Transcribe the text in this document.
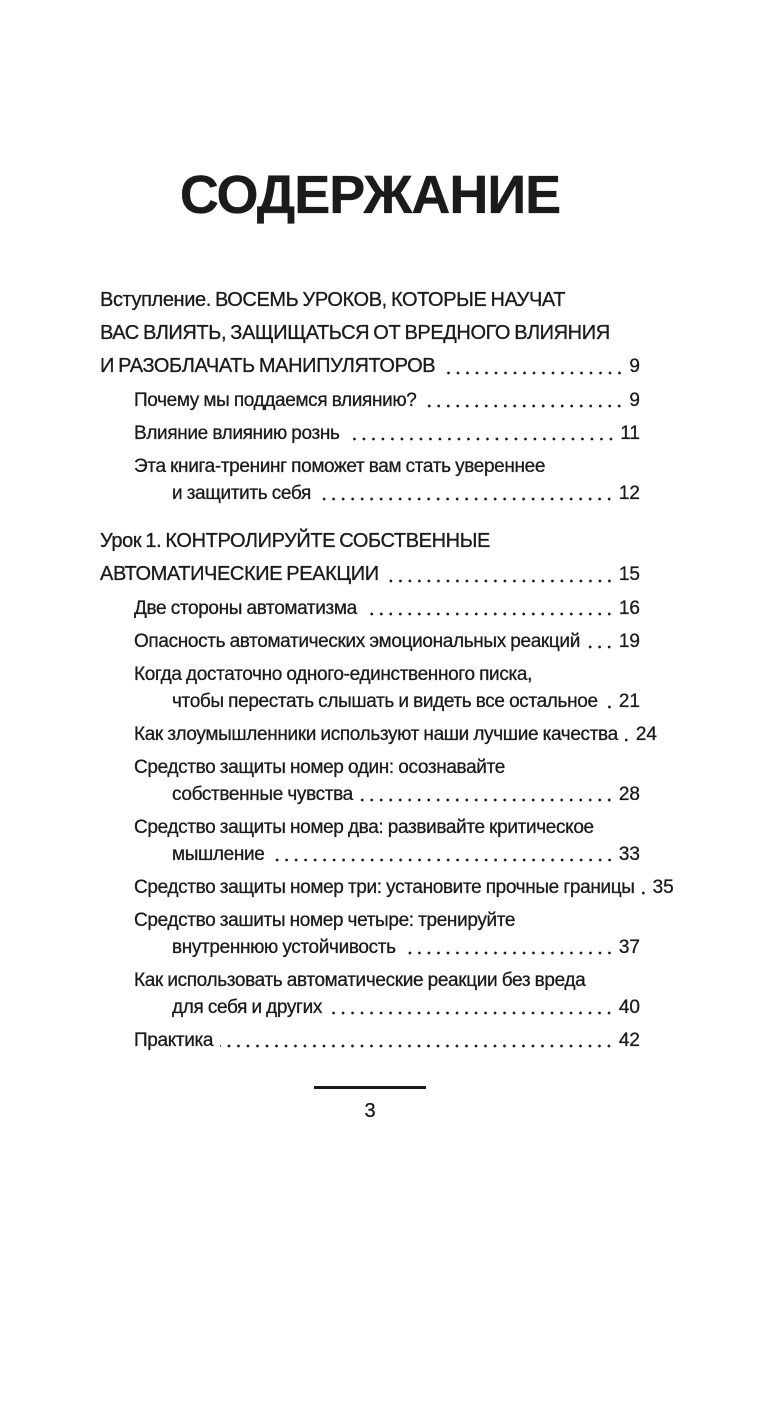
СОДЕРЖАНИЕ
Вступление. ВОСЕМЬ УРОКОВ, КОТОРЫЕ НАУЧАТ
ВАС ВЛИЯТЬ, ЗАЩИЩАТЬСЯ ОТ ВРЕДНОГО ВЛИЯНИЯ
И РАЗОБЛАЧАТЬ МАНИПУЛЯТОРОВ	9
Почему мы поддаемся влиянию?	9
Влияние влиянию рознь	11
Эта книга-тренинг поможет вам стать увереннее
и защитить себя	12
Урок 1. КОНТРОЛИРУЙТЕ СОБСТВЕННЫЕ
АВТОМАТИЧЕСКИЕ РЕАКЦИИ	15
Две стороны автоматизма	16
Опасность автоматических эмоциональных реакций 19
Когда достаточно одного-единственного писка,
чтобы перестать слышать и видеть все остальное 21
Как злоумышленники используют наши лучшие качества 24
Средство защиты номер один: осознавайте
собственные чувства	28
Средство защиты номер два: развивайте критическое
мышление	33
Средство защиты номер три: установите прочные границы 35
Средство зашиты номер четыре: тренируйте
внутреннюю устойчивость	37
Как использовать автоматические реакции без вреда
для себя и других	40
Практика	42
3
